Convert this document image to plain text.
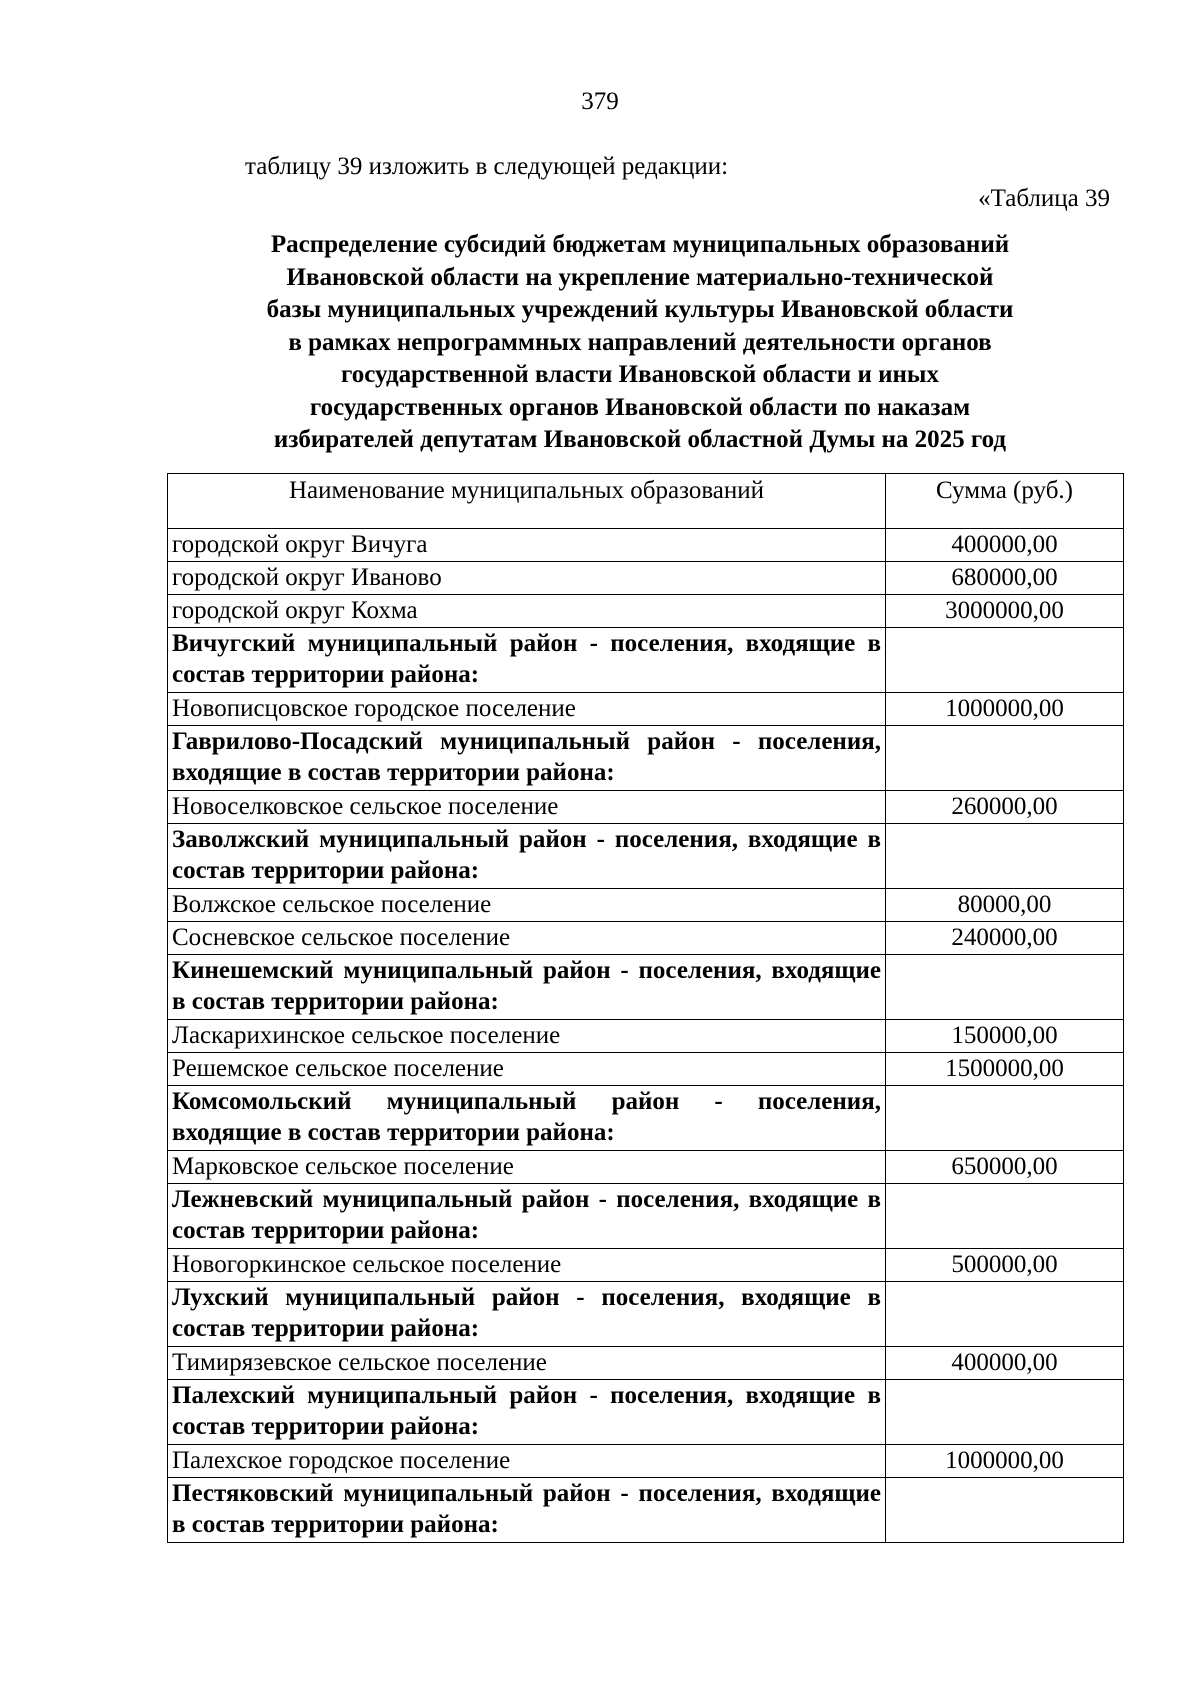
379
таблицу 39 изложить в следующей редакции:
«Таблица 39
Распределение субсидий бюджетам муниципальных образований
Ивановской области на укрепление материально-технической
базы муниципальных учреждений культуры Ивановской области
в рамках непрограммных направлений деятельности органов
государственной власти Ивановской области и иных
государственных органов Ивановской области по наказам
избирателей депутатам Ивановской областной Думы на 2025 год
Наименование муниципальных образований	Сумма (руб.)
городской округ Вичуга	400000,00
городской округ Иваново	680000,00
городской округ Кохма	3000000,00
Вичугский муниципальный район - поселения, входящие в состав территории района:	
Новописцовское городское поселение	1000000,00
Гаврилово-Посадский муниципальный район - поселения, входящие в состав территории района:	
Новоселковское сельское поселение	260000,00
Заволжский муниципальный район - поселения, входящие в состав территории района:	
Волжское сельское поселение	80000,00
Сосневское сельское поселение	240000,00
Кинешемский муниципальный район - поселения, входящие в состав территории района:	
Ласкарихинское сельское поселение	150000,00
Решемское сельское поселение	1500000,00
Комсомольский муниципальный район - поселения, входящие в состав территории района:	
Марковское сельское поселение	650000,00
Лежневский муниципальный район - поселения, входящие в состав территории района:	
Новогоркинское сельское поселение	500000,00
Лухский муниципальный район - поселения, входящие в состав территории района:	
Тимирязевское сельское поселение	400000,00
Палехский муниципальный район - поселения, входящие в состав территории района:	
Палехское городское поселение	1000000,00
Пестяковский муниципальный район - поселения, входящие в состав территории района:	
